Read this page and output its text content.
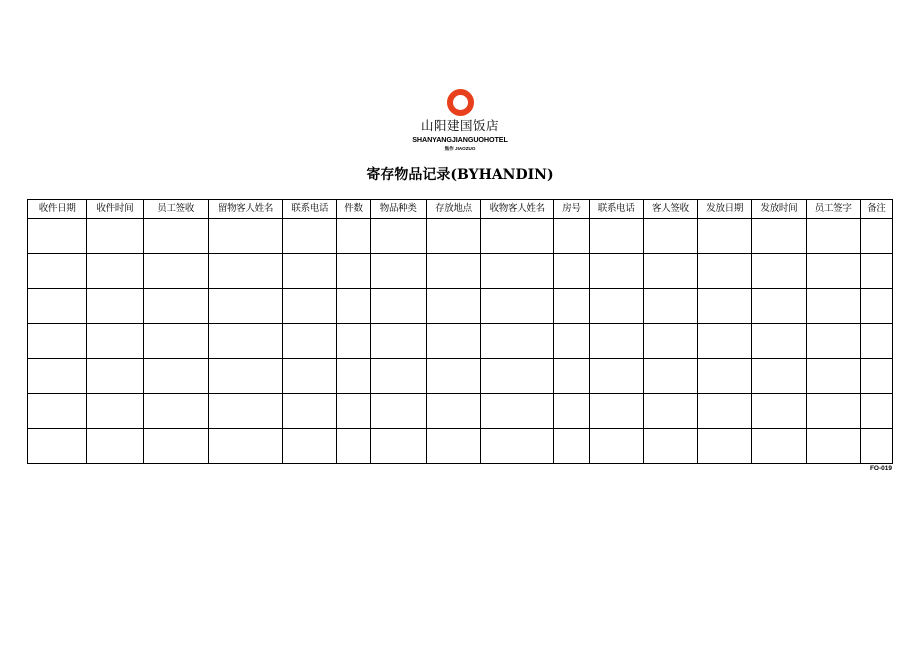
山阳建国饭店
SHANYANGJIANGUOHOTEL
焦作 JIAOZUO
寄存物品记录(BYHANDIN)
收件日期	收件时间	员工签收	留物客人姓名	联系电话	件数	物品种类	存放地点	收物客人姓名	房号	联系电话	客人签收	发放日期	发放时间	员工签字	备注

FO-019
